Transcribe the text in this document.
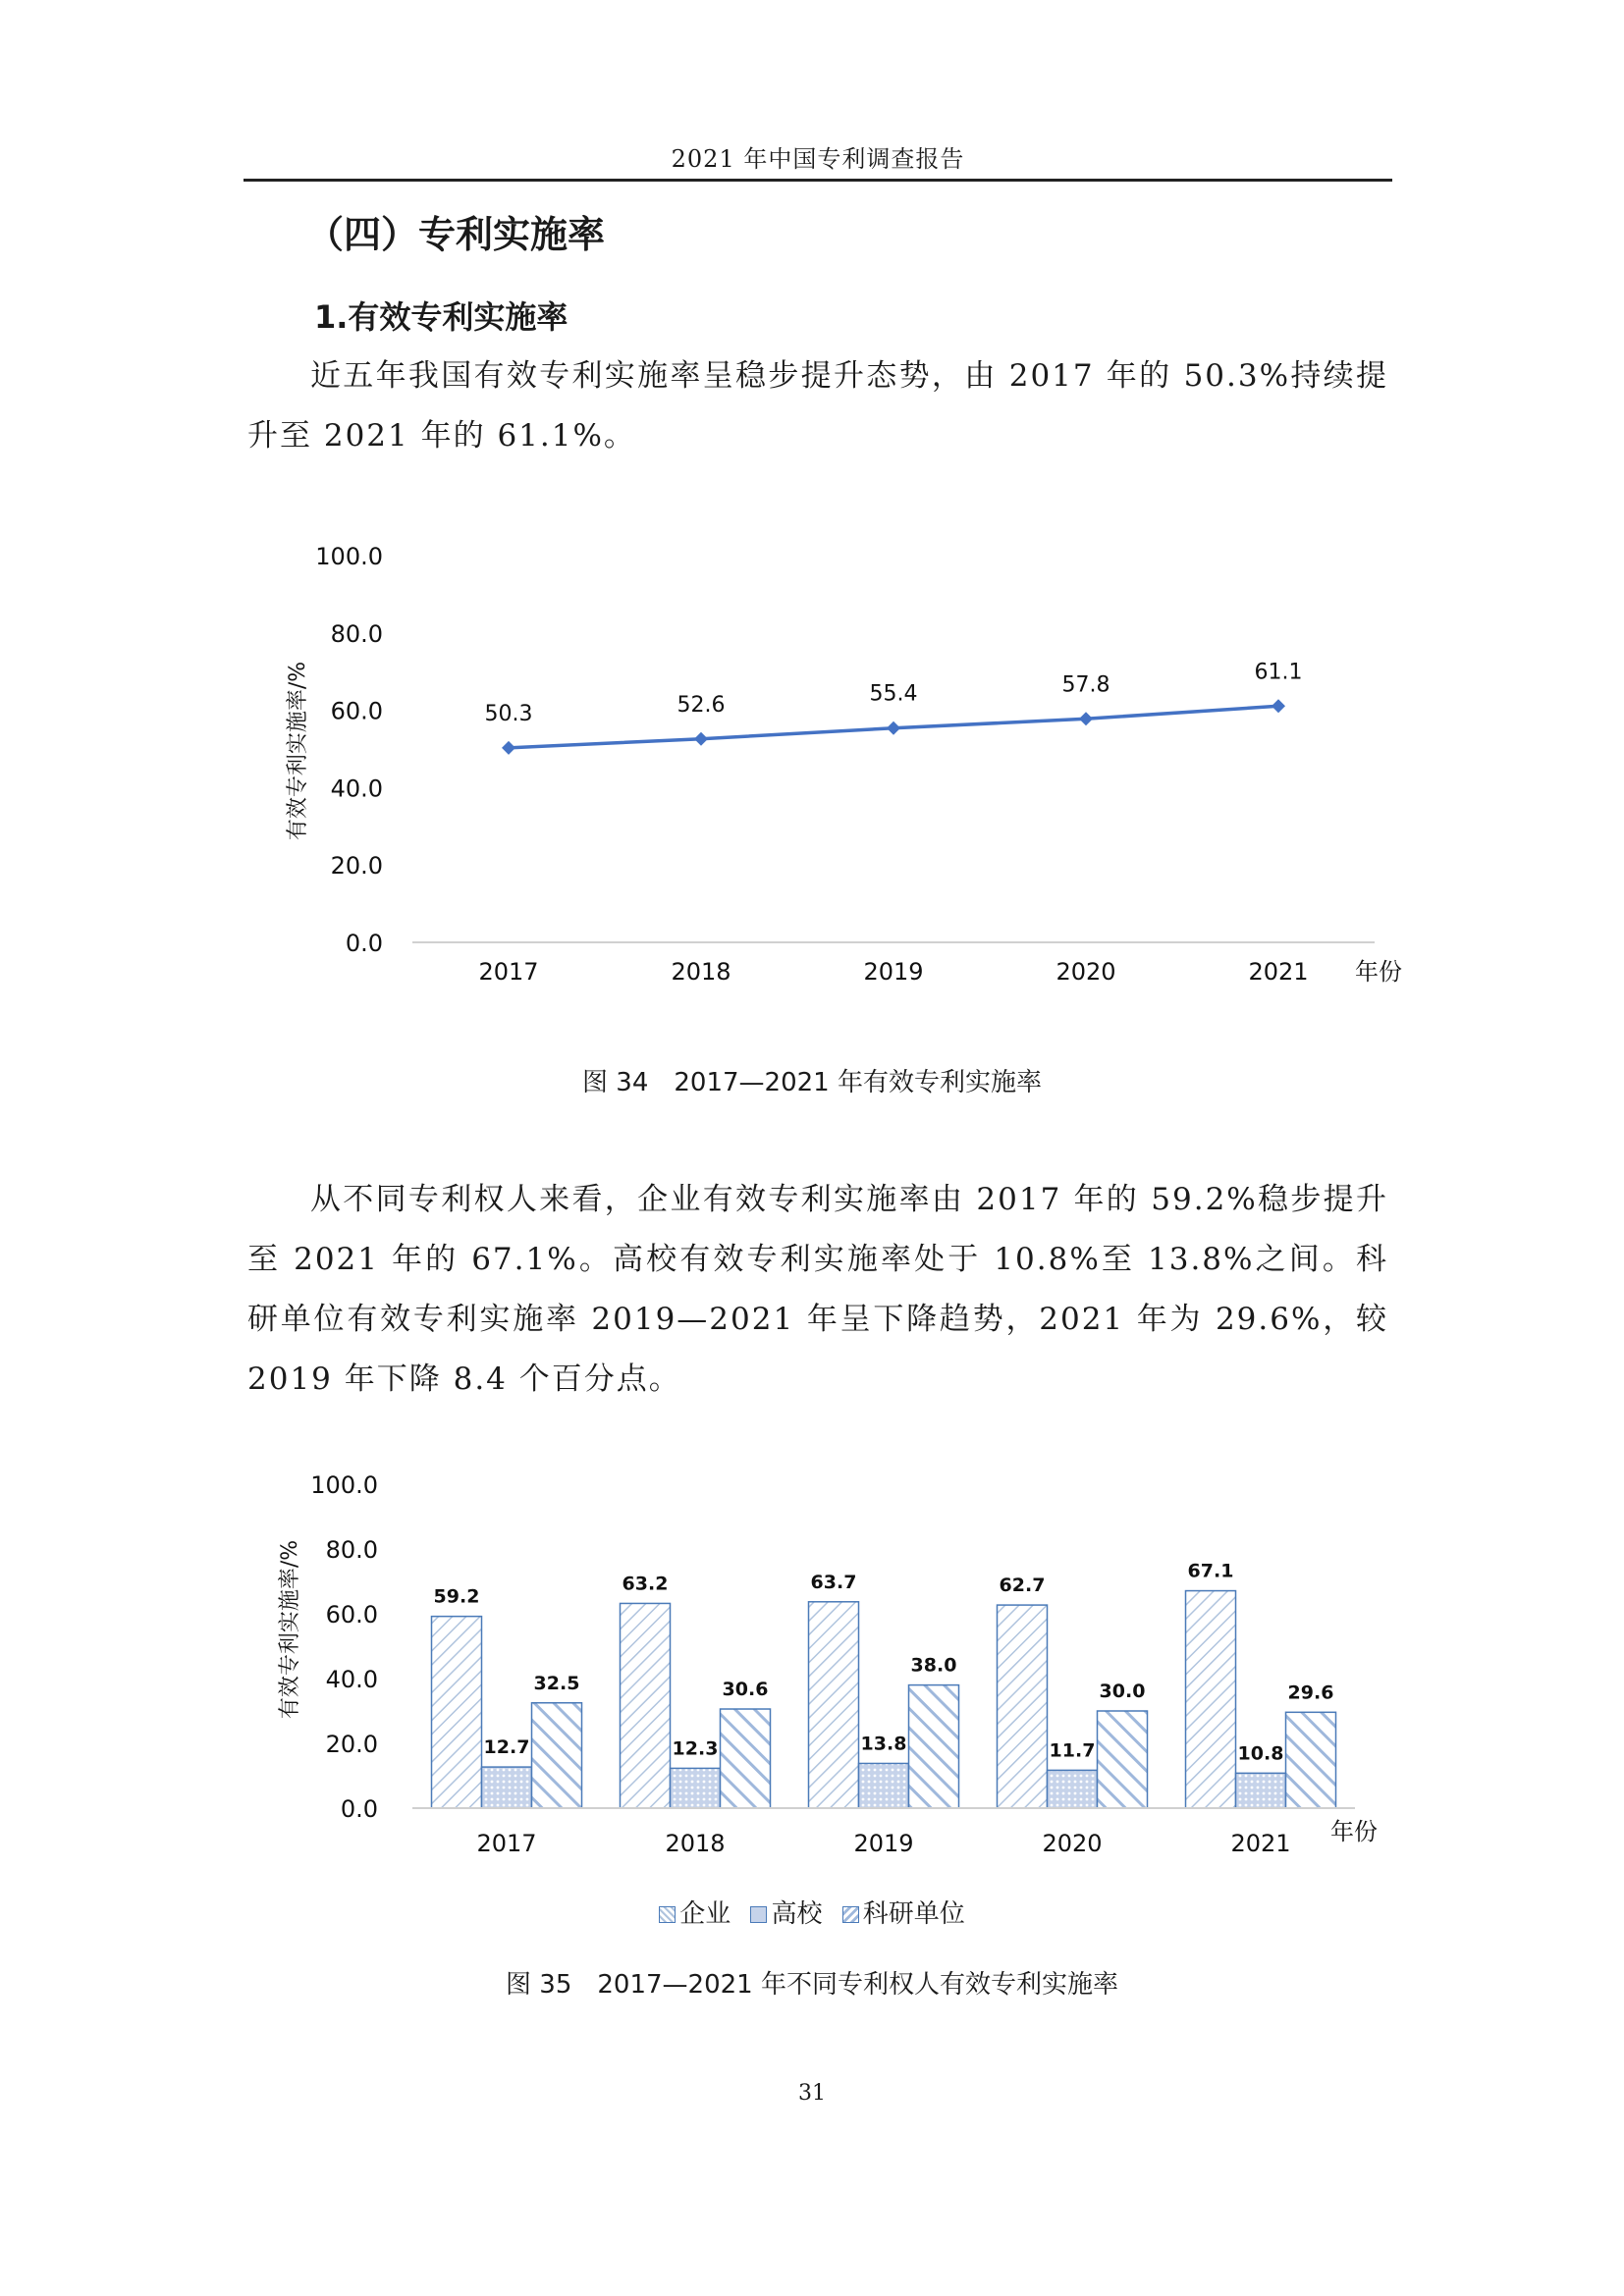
2021 年中国专利调查报告
（四）专利实施率
1.有效专利实施率

近五年我国有效专利实施率呈稳步提升态势，由 2017 年的 50.3%持续提升至 2021 年的 61.1%。

0.0
20.0
40.0
60.0
80.0
100.0
2017	2018	2019	2020	2021 年份
有效专利实施率/%	50.3	52.6	55.4	57.8
61.1
图 34　2017—2021 年有效专利实施率

从不同专利权人来看，企业有效专利实施率由 2017 年的 59.2%稳步提升至 2021 年的 67.1%。高校有效专利实施率处于 10.8%至 13.8%之间。科研单位有效专利实施率 2019—2021 年呈下降趋势，2021 年为 29.6%，较 2019 年下降 8.4 个百分点。

0.0
20.0
40.0
60.0
80.0
100.0
有效专利实施率/%	59.2
12.7
32.5
2017
63.2
12.3
30.6
2018
63.7
13.8
38.0
2019
62.7
11.7
30.0
2020
67.1
10.8
29.6
2021 年份
企业 高校 科研单位
图 35　2017—2021 年不同专利权人有效专利实施率
31
